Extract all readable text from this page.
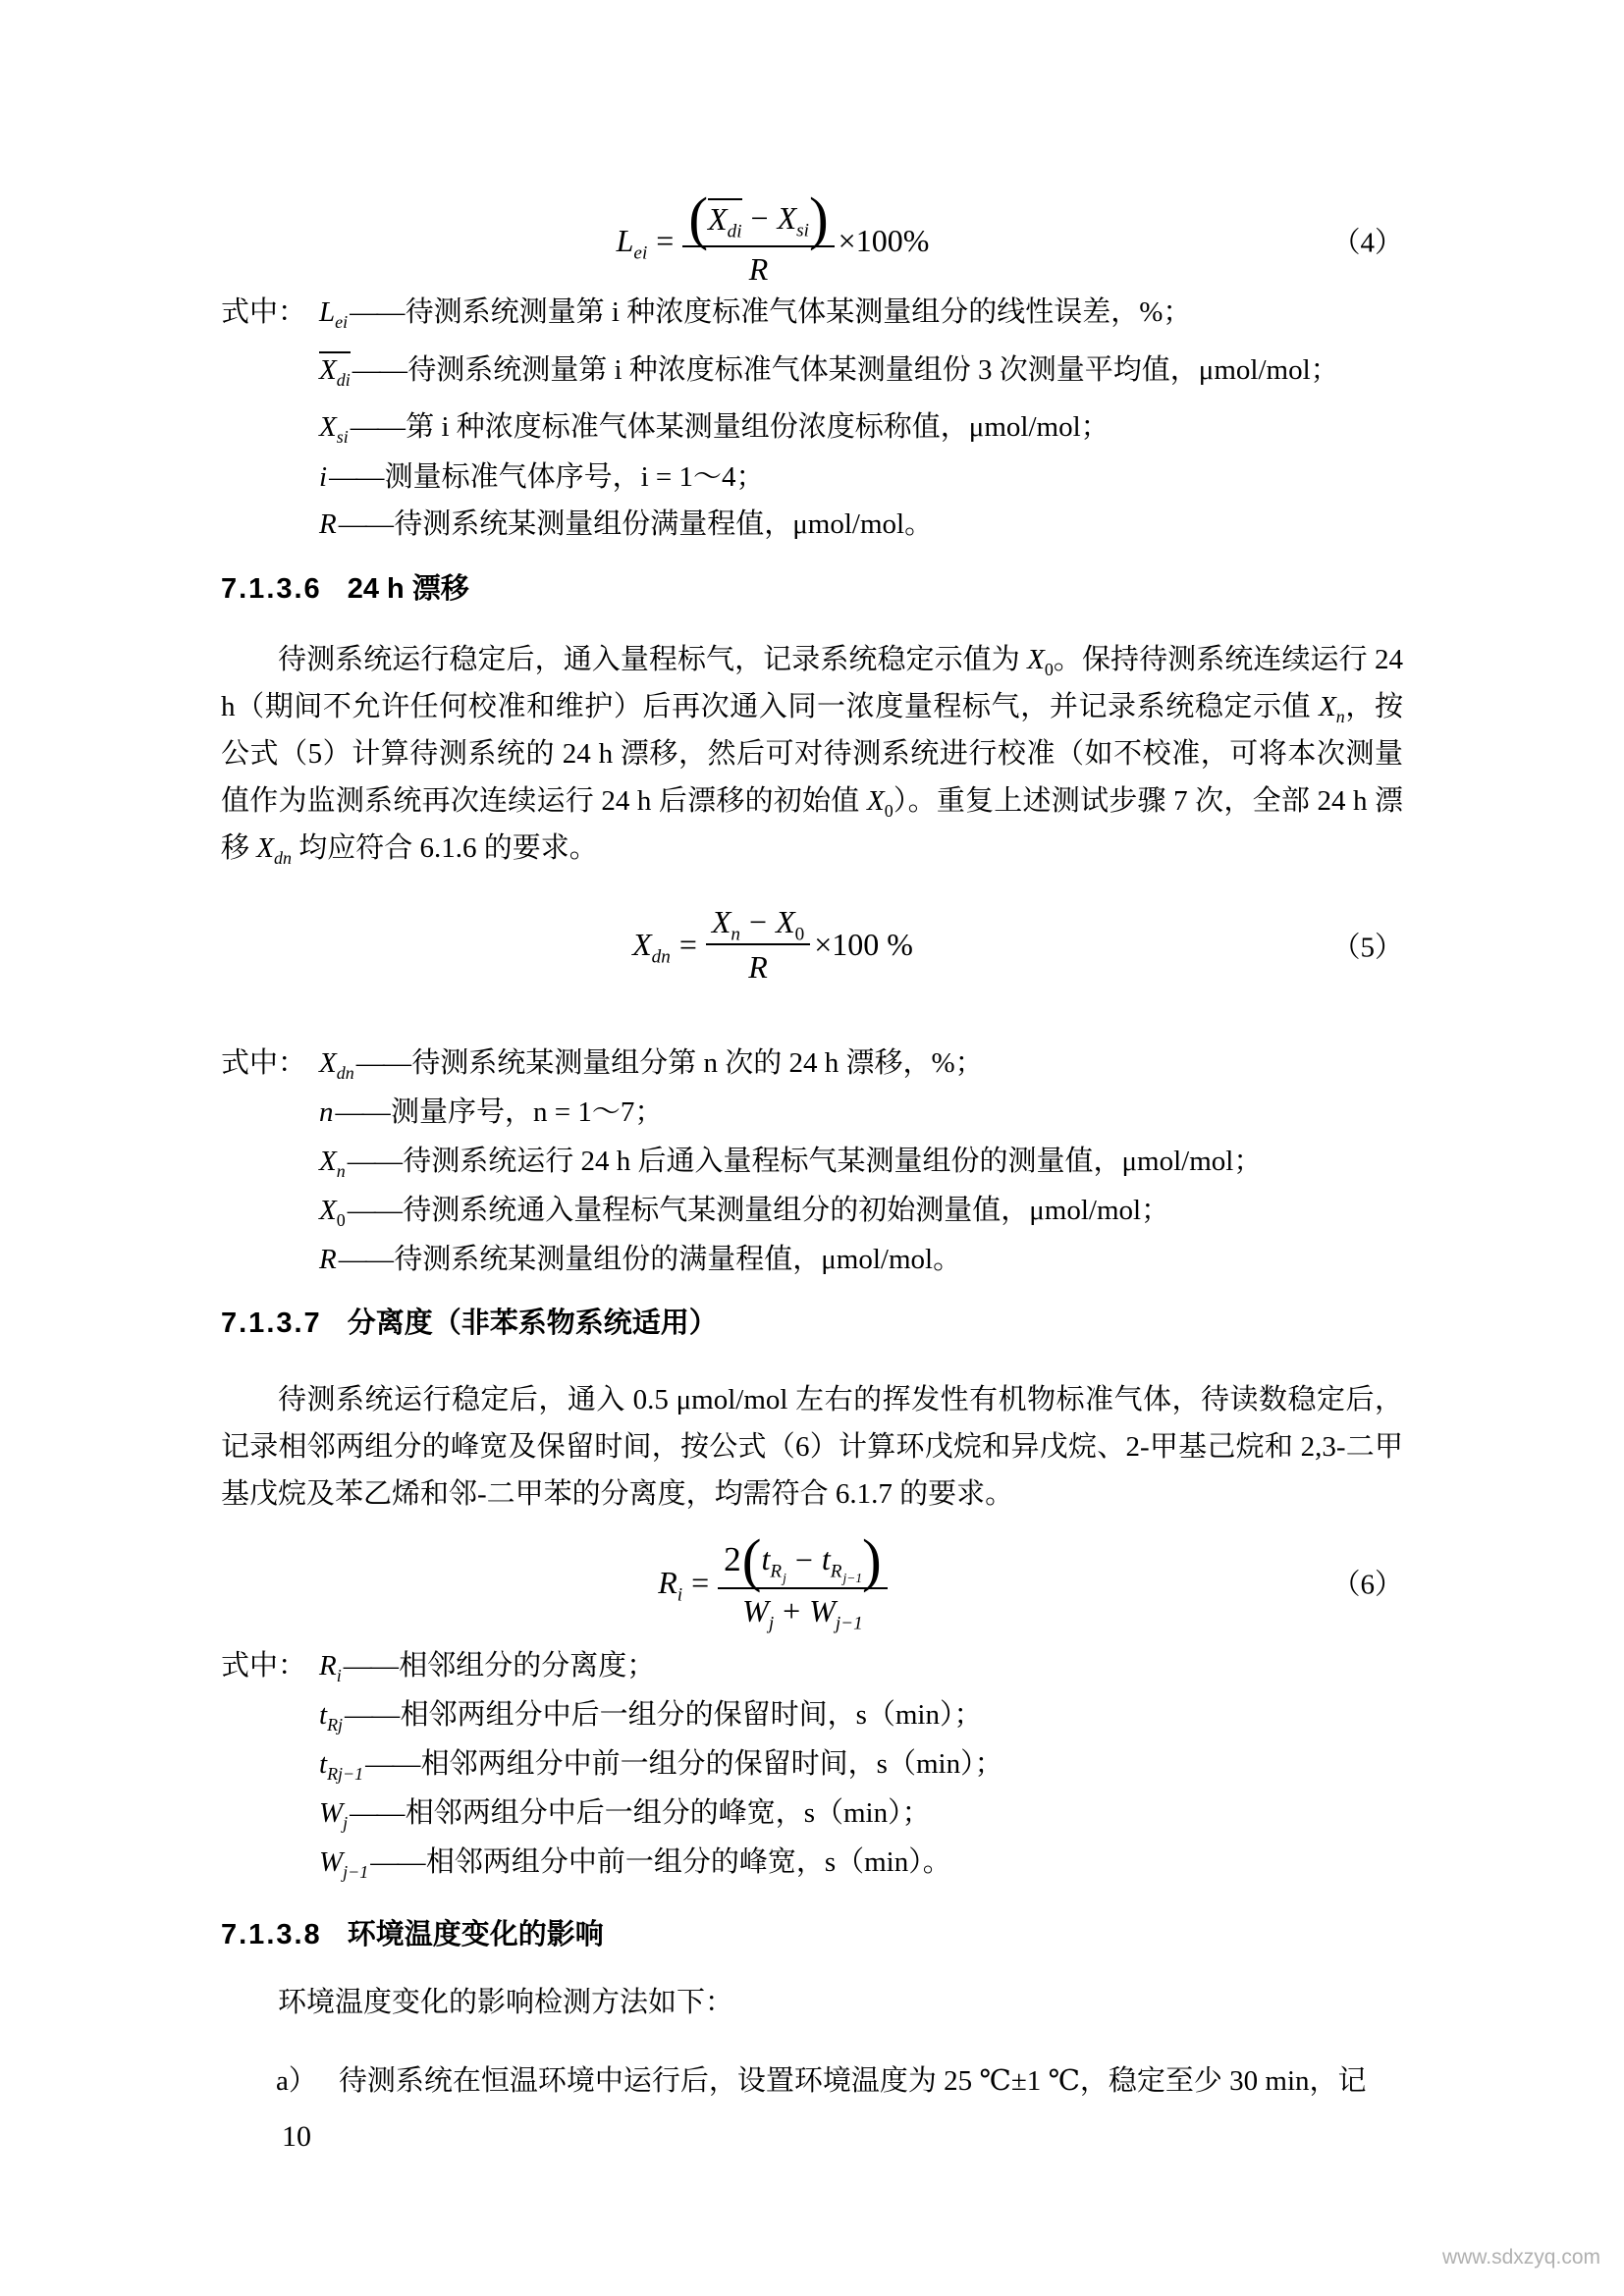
$L_{ei} = \frac{( X_{di} - X_{si} )}{R} \times 100\%$	（4）
式中： $L_{ei}——$待测系统测量第 i 种浓度标准气体某测量组分的线性误差，%；
$X_{di}——$待测系统测量第 i 种浓度标准气体某测量组份 3 次测量平均值，μmol/mol；
$X_{si}——$第 i 种浓度标准气体某测量组份浓度标称值，μmol/mol；
i——测量标准气体序号，i = 1～4；
R——待测系统某测量组份满量程值，μmol/mol。
7.1.3.6 24 h 漂移

待测系统运行稳定后，通入量程标气，记录系统稳定示值为 $X_0$。保持待测系统连续运行 24 h（期间不允许任何校准和维护）后再次通入同一浓度量程标气，并记录系统稳定示值 $X_n$，按公式（5）计算待测系统的 24 h 漂移，然后可对待测系统进行校准（如不校准，可将本次测量值作为监测系统再次连续运行 24 h 后漂移的初始值 $X_0$）。重复上述测试步骤 7 次，全部 24 h 漂移 $X_{dn}$ 均应符合 6.1.6 的要求。

$X_{dn} = \frac{X_n - X_0}{R} \times 100$ %	（5）
式中： $X_{dn}——$待测系统某测量组分第 n 次的 24 h 漂移，%；
n——测量序号，n = 1～7；
$X_n——$待测系统运行 24 h 后通入量程标气某测量组份的测量值，μmol/mol；
$X_0——$待测系统通入量程标气某测量组分的初始测量值，μmol/mol；
R——待测系统某测量组份的满量程值，μmol/mol。
7.1.3.7 分离度（非苯系物系统适用）

待测系统运行稳定后，通入 0.5 μmol/mol 左右的挥发性有机物标准气体，待读数稳定后，记录相邻两组分的峰宽及保留时间，按公式（6）计算环戊烷和异戊烷、2-甲基己烷和 2,3-二甲基戊烷及苯乙烯和邻-二甲苯的分离度，均需符合 6.1.7 的要求。

$R_i$ =
2 ( $t_{Rj}$
− $t_{Rj-1}$ )
$W_j + W_{j-1}$
（6）
式中： $R_i——$相邻组分的分离度；
$t_{Rj}——$相邻两组分中后一组分的保留时间，s（min）；
$t_{Rj-1}——$相邻两组分中前一组分的保留时间，s（min）；
$W_j——$相邻两组分中后一组分的峰宽，s（min）；
$W_{j-1}——$相邻两组分中前一组分的峰宽，s（min）。
7.1.3.8 环境温度变化的影响

环境温度变化的影响检测方法如下：

a） 待测系统在恒温环境中运行后，设置环境温度为 25 ℃±1 ℃，稳定至少 30 min，记

10
www.sdxzyq.com
